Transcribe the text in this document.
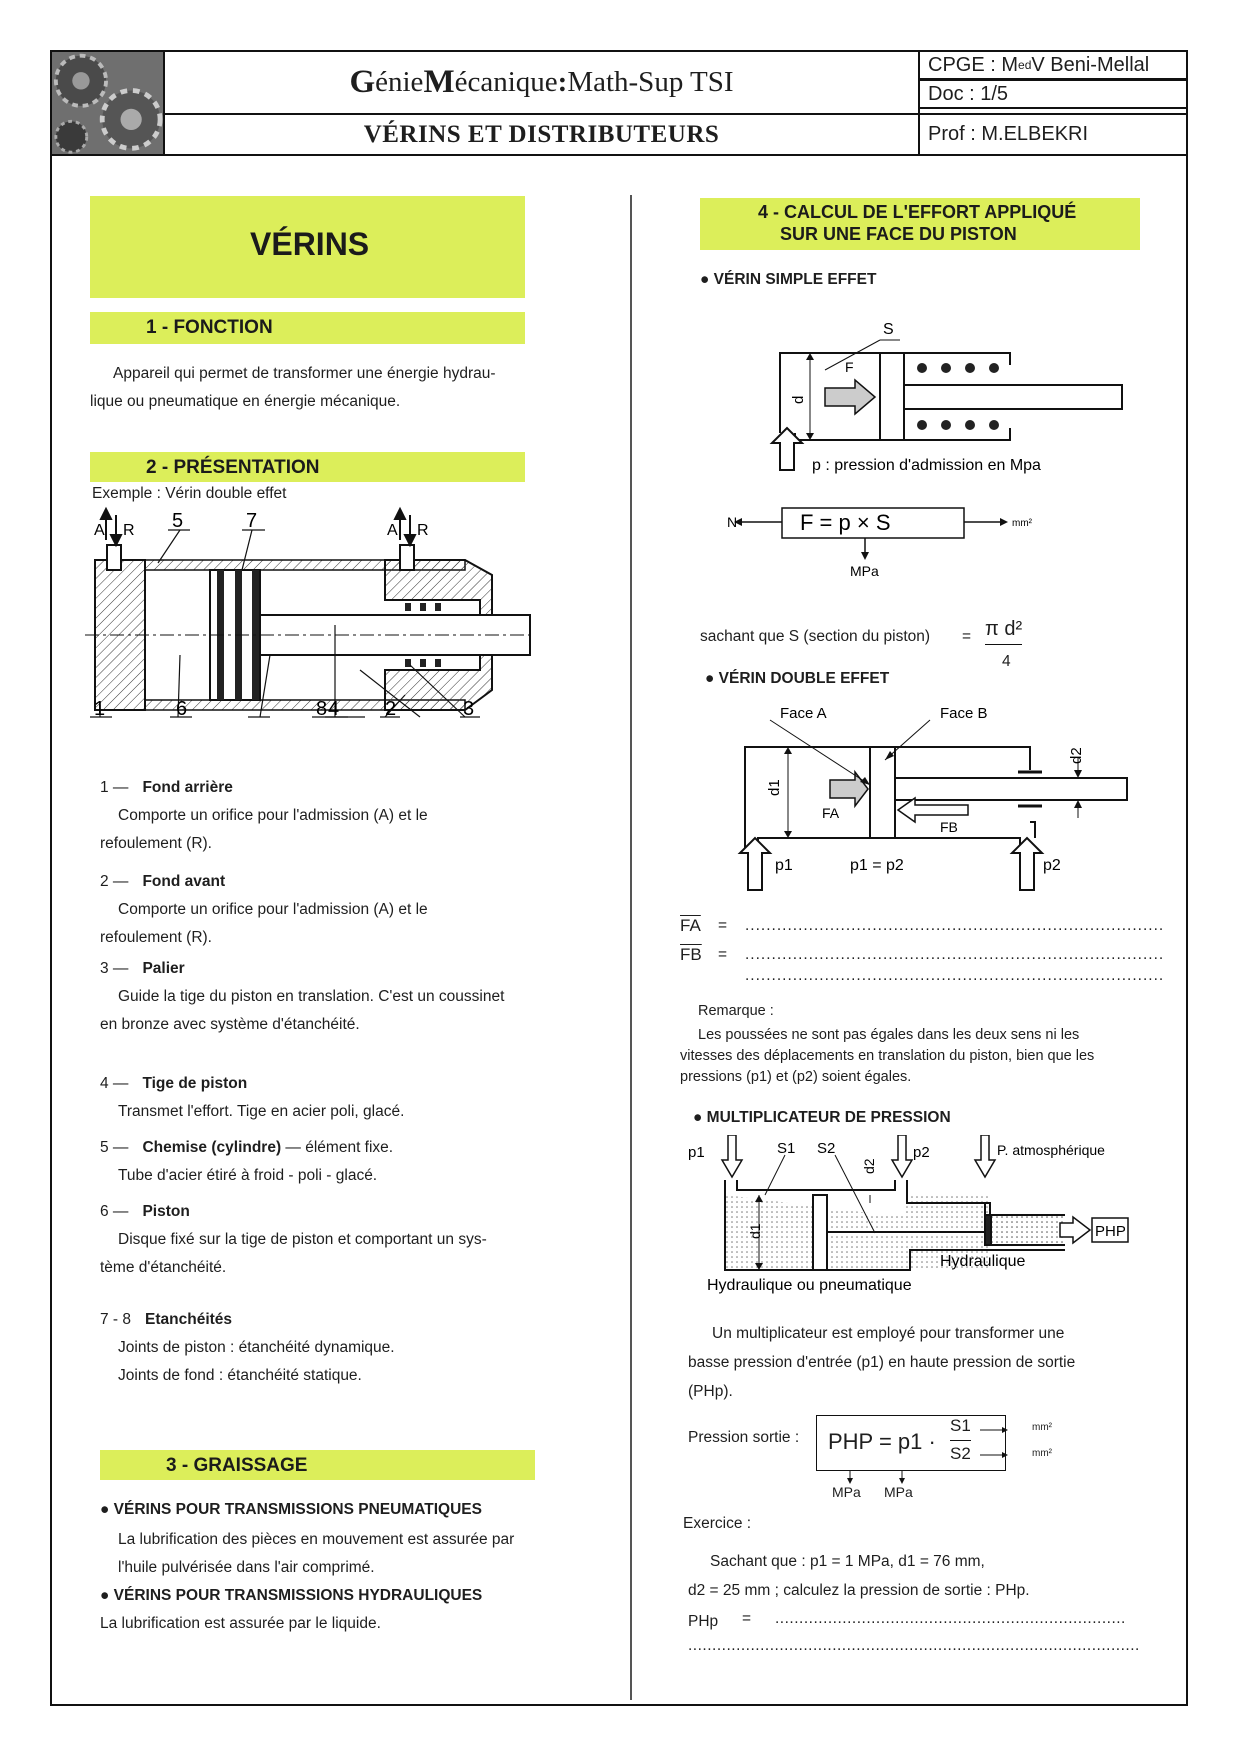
G énie M écanique : Math-Sup TSI
VÉRINS ET DISTRIBUTEURS
CPGE : M ed V Beni-Mellal
Doc : 1/5
Prof : M.ELBEKRI
VÉRINS
1 - FONCTION
Appareil qui permet de transformer une énergie hydrau-
lique ou pneumatique en énergie mécanique.
2 - PRÉSENTATION
Exemple : Vérin double effet
A R	A R
5	7
1	6	4
8	2	3
1 — Fond arrière
Comporte un orifice pour l'admission (A) et le
refoulement (R).
2 — Fond avant
Comporte un orifice pour l'admission (A) et le
refoulement (R).
3 — Palier
Guide la tige du piston en translation. C'est un coussinet
en bronze avec système d'étanchéité.
4 — Tige de piston
Transmet l'effort. Tige en acier poli, glacé.
5 — Chemise (cylindre) — élément fixe.
Tube d'acier étiré à froid - poli - glacé.
6 — Piston
Disque fixé sur la tige de piston et comportant un sys-
tème d'étanchéité.
7 - 8 Etanchéités
Joints de piston : étanchéité dynamique.
Joints de fond : étanchéité statique.
3 - GRAISSAGE
● VÉRINS POUR TRANSMISSIONS PNEUMATIQUES
La lubrification des pièces en mouvement est assurée par
l'huile pulvérisée dans l'air comprimé.
● VÉRINS POUR TRANSMISSIONS HYDRAULIQUES
La lubrification est assurée par le liquide.
4 - CALCUL DE L'EFFORT APPLIQUÉ
SUR UNE FACE DU PISTON
● VÉRIN SIMPLE EFFET
S
F
d
p : pression d'admission en Mpa
N	F = p × S	mm²
MPa
sachant que S (section du piston) = π d²
4
● VÉRIN DOUBLE EFFET
Face A	Face B
d1
d2
FA
FB
p1	p1 = p2	p2
$\overline{FA}$ = ...............................................................................
$\overline{FB}$ = ...............................................................................
...............................................................................
Remarque :
Les poussées ne sont pas égales dans les deux sens ni les
vitesses des déplacements en translation du piston, bien que les
pressions (p1) et (p2) soient égales.
● MULTIPLICATEUR DE PRESSION
p1	S1 S2
d2
p2	P. atmosphérique
d1	PHP
Hydraulique
Hydraulique ou pneumatique
Un multiplicateur est employé pour transformer une
basse pression d'entrée (p1) en haute pression de sortie
(PHp).
Pression sortie : PHP = p1 ·
S1
S2
mm²
mm²
MPa MPa
Exercice :
Sachant que : p1 = 1 MPa, d1 = 76 mm,
d2 = 25 mm ; calculez la pression de sortie : PHp.
PHp = .........................................................................
..............................................................................................
